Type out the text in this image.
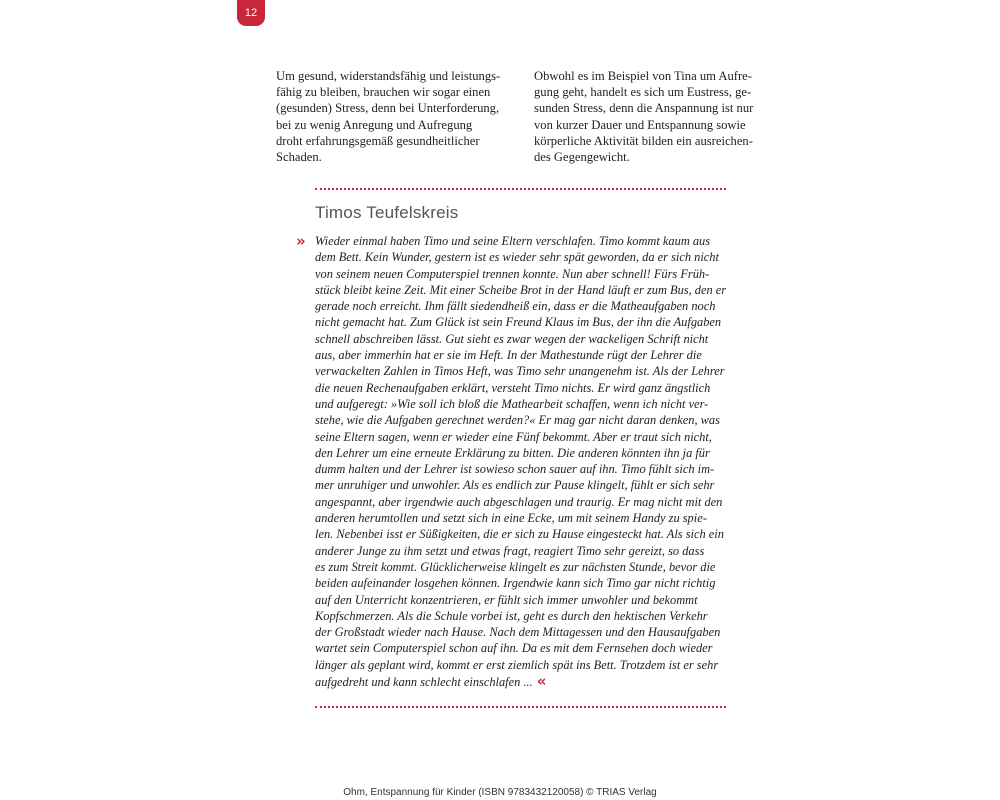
12
Um gesund, widerstandsfähig und leistungs-
fähig zu bleiben, brauchen wir sogar einen
(gesunden) Stress, denn bei Unterforderung,
bei zu wenig Anregung und Aufregung
droht erfahrungsgemäß gesundheitlicher
Schaden.
Obwohl es im Beispiel von Tina um Aufre-
gung geht, handelt es sich um Eustress, ge-
sunden Stress, denn die Anspannung ist nur
von kurzer Dauer und Entspannung sowie
körperliche Aktivität bilden ein ausreichen-
des Gegengewicht.
Timos Teufelskreis
» Wieder einmal haben Timo und seine Eltern verschlafen. Timo kommt kaum aus
dem Bett. Kein Wunder, gestern ist es wieder sehr spät geworden, da er sich nicht
von seinem neuen Computerspiel trennen konnte. Nun aber schnell! Fürs Früh-
stück bleibt keine Zeit. Mit einer Scheibe Brot in der Hand läuft er zum Bus, den er
gerade noch erreicht. Ihm fällt siedendheiß ein, dass er die Matheaufgaben noch
nicht gemacht hat. Zum Glück ist sein Freund Klaus im Bus, der ihn die Aufgaben
schnell abschreiben lässt. Gut sieht es zwar wegen der wackeligen Schrift nicht
aus, aber immerhin hat er sie im Heft. In der Mathestunde rügt der Lehrer die
verwackelten Zahlen in Timos Heft, was Timo sehr unangenehm ist. Als der Lehrer
die neuen Rechenaufgaben erklärt, versteht Timo nichts. Er wird ganz ängstlich
und aufgeregt: »Wie soll ich bloß die Mathearbeit schaffen, wenn ich nicht ver-
stehe, wie die Aufgaben gerechnet werden?« Er mag gar nicht daran denken, was
seine Eltern sagen, wenn er wieder eine Fünf bekommt. Aber er traut sich nicht,
den Lehrer um eine erneute Erklärung zu bitten. Die anderen könnten ihn ja für
dumm halten und der Lehrer ist sowieso schon sauer auf ihn. Timo fühlt sich im-
mer unruhiger und unwohler. Als es endlich zur Pause klingelt, fühlt er sich sehr
angespannt, aber irgendwie auch abgeschlagen und traurig. Er mag nicht mit den
anderen herumtollen und setzt sich in eine Ecke, um mit seinem Handy zu spie-
len. Nebenbei isst er Süßigkeiten, die er sich zu Hause eingesteckt hat. Als sich ein
anderer Junge zu ihm setzt und etwas fragt, reagiert Timo sehr gereizt, so dass
es zum Streit kommt. Glücklicherweise klingelt es zur nächsten Stunde, bevor die
beiden aufeinander losgehen können. Irgendwie kann sich Timo gar nicht richtig
auf den Unterricht konzentrieren, er fühlt sich immer unwohler und bekommt
Kopfschmerzen. Als die Schule vorbei ist, geht es durch den hektischen Verkehr
der Großstadt wieder nach Hause. Nach dem Mittagessen und den Hausaufgaben
wartet sein Computerspiel schon auf ihn. Da es mit dem Fernsehen doch wieder
länger als geplant wird, kommt er erst ziemlich spät ins Bett. Trotzdem ist er sehr
aufgedreht und kann schlecht einschlafen ... «
Ohm, Entspannung für Kinder (ISBN 9783432120058) © TRIAS Verlag
